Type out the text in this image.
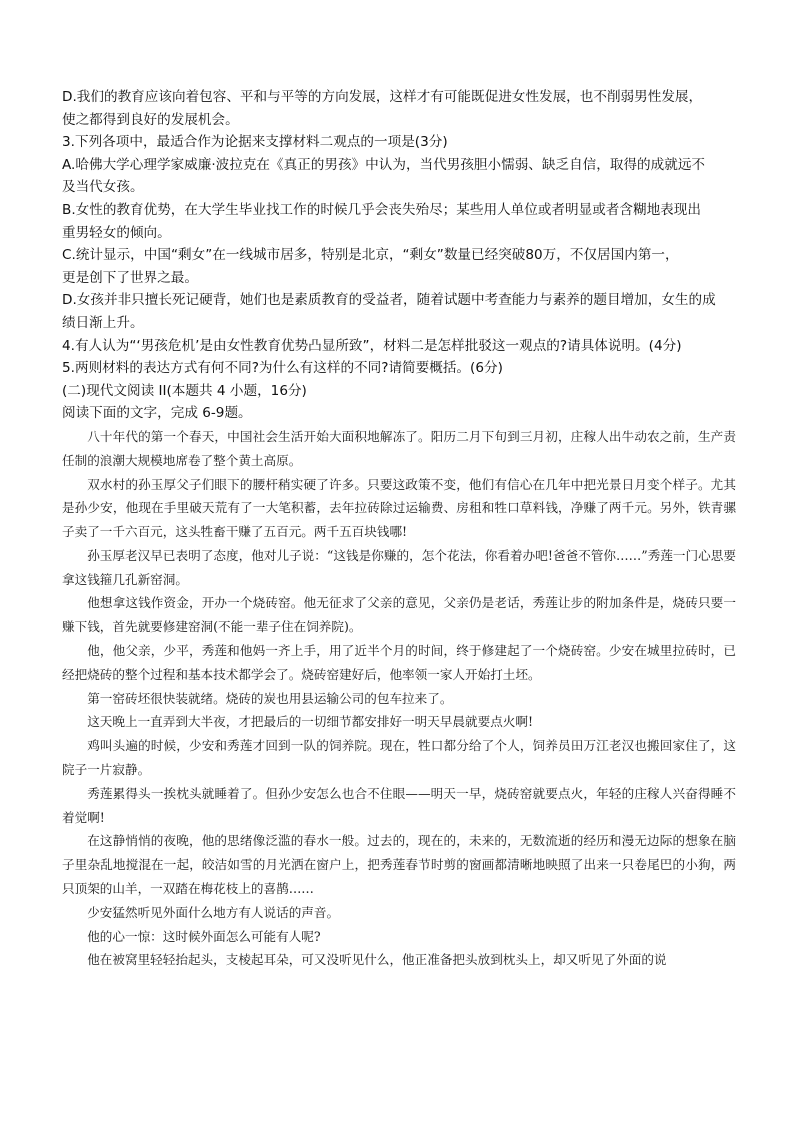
D.我们的教育应该向着包容、平和与平等的方向发展，这样才有可能既促进女性发展，也不削弱男性发展，

使之都得到良好的发展机会。

3.下列各项中，最适合作为论据来支撑材料二观点的一项是(3分)

A.哈佛大学心理学家威廉·波拉克在《真正的男孩》中认为，当代男孩胆小懦弱、缺乏自信，取得的成就远不

及当代女孩。

B.女性的教育优势，在大学生毕业找工作的时候几乎会丧失殆尽；某些用人单位或者明显或者含糊地表现出

重男轻女的倾向。

C.统计显示，中国“剩女”在一线城市居多，特别是北京，“剩女”数量已经突破80万，不仅居国内第一，

更是创下了世界之最。

D.女孩并非只擅长死记硬背，她们也是素质教育的受益者，随着试题中考查能力与素养的题目增加，女生的成

绩日渐上升。

4.有人认为“‘男孩危机’是由女性教育优势凸显所致”，材料二是怎样批驳这一观点的?请具体说明。(4分)

5.两则材料的表达方式有何不同?为什么有这样的不同?请简要概括。(6分)

(二)现代文阅读 II(本题共 4 小题，16分)

阅读下面的文字，完成 6-9题。

八十年代的第一个春天，中国社会生活开始大面积地解冻了。阳历二月下旬到三月初，庄稼人出牛动农之前，生产责任制的浪潮大规模地席卷了整个黄土高原。

双水村的孙玉厚父子们眼下的腰杆稍实硬了许多。只要这政策不变，他们有信心在几年中把光景日月变个样子。尤其是孙少安，他现在手里破天荒有了一大笔积蓄，去年拉砖除过运输费、房租和牲口草料钱，净赚了两千元。另外，铁青骡子卖了一千六百元，这头牲畜干赚了五百元。两千五百块钱哪!

孙玉厚老汉早已表明了态度，他对儿子说：“这钱是你赚的，怎个花法，你看着办吧!爸爸不管你……”秀莲一门心思要拿这钱箍几孔新窑洞。

他想拿这钱作资金，开办一个烧砖窑。他无征求了父亲的意见，父亲仍是老话，秀莲让步的附加条件是，烧砖只要一赚下钱，首先就要修建窑洞(不能一辈子住在饲养院)。

他，他父亲，少平，秀莲和他妈一齐上手，用了近半个月的时间，终于修建起了一个烧砖窑。少安在城里拉砖时，已经把烧砖的整个过程和基本技术都学会了。烧砖窑建好后，他率领一家人开始打土坯。

第一窑砖坯很快装就绪。烧砖的炭也用县运输公司的包车拉来了。

这天晚上一直弄到大半夜，才把最后的一切细节都安排好一明天早晨就要点火啊!

鸡叫头遍的时候，少安和秀莲才回到一队的饲养院。现在，牲口都分给了个人，饲养员田万江老汉也搬回家住了，这院子一片寂静。

秀莲累得头一挨枕头就睡着了。但孙少安怎么也合不住眼——明天一早，烧砖窑就要点火，年轻的庄稼人兴奋得睡不着觉啊!

在这静悄悄的夜晚，他的思绪像泛滥的春水一般。过去的，现在的，未来的，无数流逝的经历和漫无边际的想象在脑子里杂乱地搅混在一起，皎洁如雪的月光洒在窗户上，把秀莲春节时剪的窗画都清晰地映照了出来一只卷尾巴的小狗，两只顶架的山羊，一双踏在梅花枝上的喜鹊……

少安猛然听见外面什么地方有人说话的声音。

他的心一惊：这时候外面怎么可能有人呢?

他在被窝里轻轻抬起头，支棱起耳朵，可又没听见什么，他正准备把头放到枕头上，却又听见了外面的说
